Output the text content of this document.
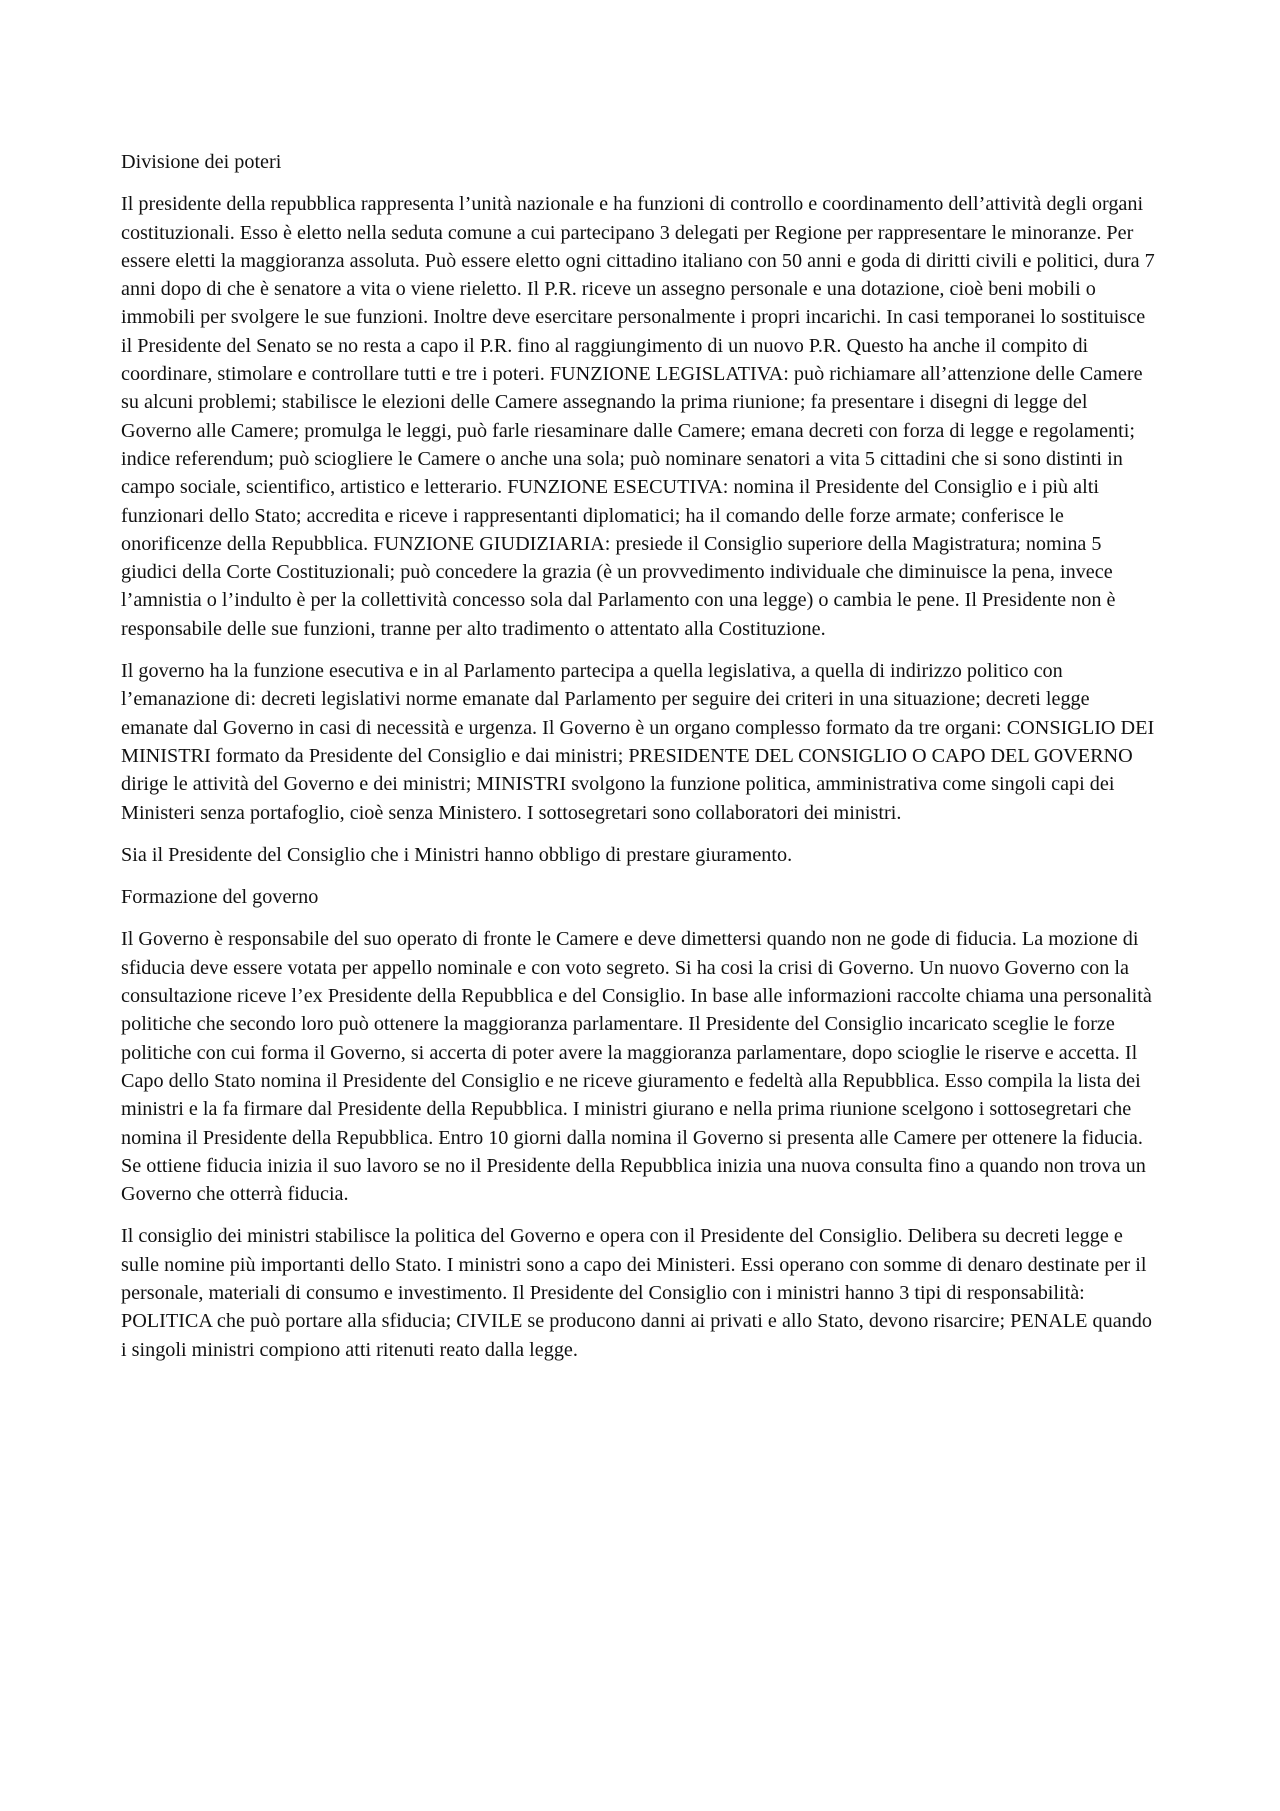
Divisione dei poteri

Il presidente della repubblica rappresenta l’unità nazionale e ha funzioni di controllo e coordinamento dell’attività degli organi costituzionali. Esso è eletto nella seduta comune a cui partecipano 3 delegati per Regione per rappresentare le minoranze. Per essere eletti la maggioranza assoluta. Può essere eletto ogni cittadino italiano con 50 anni e goda di diritti civili e politici, dura 7 anni dopo di che è senatore a vita o viene rieletto. Il P.R. riceve un assegno personale e una dotazione, cioè beni mobili o immobili per svolgere le sue funzioni. Inoltre deve esercitare personalmente i propri incarichi. In casi temporanei lo sostituisce il Presidente del Senato se no resta a capo il P.R. fino al raggiungimento di un nuovo P.R. Questo ha anche il compito di coordinare, stimolare e controllare tutti e tre i poteri. FUNZIONE LEGISLATIVA: può richiamare all’attenzione delle Camere su alcuni problemi; stabilisce le elezioni delle Camere assegnando la prima riunione; fa presentare i disegni di legge del Governo alle Camere; promulga le leggi, può farle riesaminare dalle Camere; emana decreti con forza di legge e regolamenti; indice referendum; può sciogliere le Camere o anche una sola; può nominare senatori a vita 5 cittadini che si sono distinti in campo sociale, scientifico, artistico e letterario. FUNZIONE ESECUTIVA: nomina il Presidente del Consiglio e i più alti funzionari dello Stato; accredita e riceve i rappresentanti diplomatici; ha il comando delle forze armate; conferisce le onorificenze della Repubblica. FUNZIONE GIUDIZIARIA: presiede il Consiglio superiore della Magistratura; nomina 5 giudici della Corte Costituzionali; può concedere la grazia (è un provvedimento individuale che diminuisce la pena, invece l’amnistia o l’indulto è per la collettività concesso sola dal Parlamento con una legge) o cambia le pene. Il Presidente non è responsabile delle sue funzioni, tranne per alto tradimento o attentato alla Costituzione.

Il governo ha la funzione esecutiva e in al Parlamento partecipa a quella legislativa, a quella di indirizzo politico con l’emanazione di: decreti legislativi norme emanate dal Parlamento per seguire dei criteri in una situazione; decreti legge emanate dal Governo in casi di necessità e urgenza. Il Governo è un organo complesso formato da tre organi: CONSIGLIO DEI MINISTRI formato da Presidente del Consiglio e dai ministri; PRESIDENTE DEL CONSIGLIO O CAPO DEL GOVERNO dirige le attività del Governo e dei ministri; MINISTRI svolgono la funzione politica, amministrativa come singoli capi dei Ministeri senza portafoglio, cioè senza Ministero. I sottosegretari sono collaboratori dei ministri.

Sia il Presidente del Consiglio che i Ministri hanno obbligo di prestare giuramento.

Formazione del governo

Il Governo è responsabile del suo operato di fronte le Camere e deve dimettersi quando non ne gode di fiducia. La mozione di sfiducia deve essere votata per appello nominale e con voto segreto. Si ha cosi la crisi di Governo. Un nuovo Governo con la consultazione riceve l’ex Presidente della Repubblica e del Consiglio. In base alle informazioni raccolte chiama una personalità politiche che secondo loro può ottenere la maggioranza parlamentare. Il Presidente del Consiglio incaricato sceglie le forze politiche con cui forma il Governo, si accerta di poter avere la maggioranza parlamentare, dopo scioglie le riserve e accetta. Il Capo dello Stato nomina il Presidente del Consiglio e ne riceve giuramento e fedeltà alla Repubblica. Esso compila la lista dei ministri e la fa firmare dal Presidente della Repubblica. I ministri giurano e nella prima riunione scelgono i sottosegretari che nomina il Presidente della Repubblica. Entro 10 giorni dalla nomina il Governo si presenta alle Camere per ottenere la fiducia. Se ottiene fiducia inizia il suo lavoro se no il Presidente della Repubblica inizia una nuova consulta fino a quando non trova un Governo che otterrà fiducia.

Il consiglio dei ministri stabilisce la politica del Governo e opera con il Presidente del Consiglio. Delibera su decreti legge e sulle nomine più importanti dello Stato. I ministri sono a capo dei Ministeri. Essi operano con somme di denaro destinate per il personale, materiali di consumo e investimento. Il Presidente del Consiglio con i ministri hanno 3 tipi di responsabilità: POLITICA che può portare alla sfiducia; CIVILE se producono danni ai privati e allo Stato, devono risarcire; PENALE quando i singoli ministri compiono atti ritenuti reato dalla legge.
